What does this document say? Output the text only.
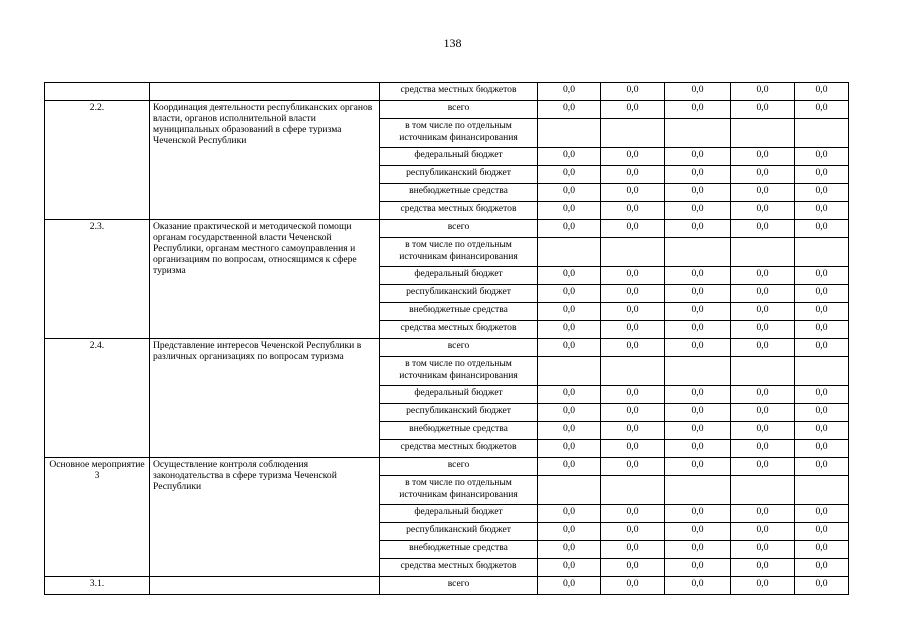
138
		средства местных бюджетов	0,0	0,0	0,0	0,0	0,0
2.2.	Координация деятельности республиканских органов власти, органов исполнительной власти муниципальных образований в сфере туризма Чеченской Республики	всего	0,0	0,0	0,0	0,0	0,0
		в том числе по отдельным
источникам финансирования					
		федеральный бюджет	0,0	0,0	0,0	0,0	0,0
		республиканский бюджет	0,0	0,0	0,0	0,0	0,0
		внебюджетные средства	0,0	0,0	0,0	0,0	0,0
		средства местных бюджетов	0,0	0,0	0,0	0,0	0,0
2.3.	Оказание практической и методической помощи органам государственной власти Чеченской Республики, органам местного самоуправления и организациям по вопросам, относящимся к сфере туризма	всего	0,0	0,0	0,0	0,0	0,0
		в том числе по отдельным
источникам финансирования					
		федеральный бюджет	0,0	0,0	0,0	0,0	0,0
		республиканский бюджет	0,0	0,0	0,0	0,0	0,0
		внебюджетные средства	0,0	0,0	0,0	0,0	0,0
		средства местных бюджетов	0,0	0,0	0,0	0,0	0,0
2.4.	Представление интересов Чеченской Республики в различных организациях по вопросам туризма	всего	0,0	0,0	0,0	0,0	0,0
		в том числе по отдельным
источникам финансирования					
		федеральный бюджет	0,0	0,0	0,0	0,0	0,0
		республиканский бюджет	0,0	0,0	0,0	0,0	0,0
		внебюджетные средства	0,0	0,0	0,0	0,0	0,0
		средства местных бюджетов	0,0	0,0	0,0	0,0	0,0
Основное мероприятие 3	Осуществление контроля соблюдения законодательства в сфере туризма Чеченской Республики	всего	0,0	0,0	0,0	0,0	0,0
		в том числе по отдельным
источникам финансирования					
		федеральный бюджет	0,0	0,0	0,0	0,0	0,0
		республиканский бюджет	0,0	0,0	0,0	0,0	0,0
		внебюджетные средства	0,0	0,0	0,0	0,0	0,0
		средства местных бюджетов	0,0	0,0	0,0	0,0	0,0
3.1.		всего	0,0	0,0	0,0	0,0	0,0
